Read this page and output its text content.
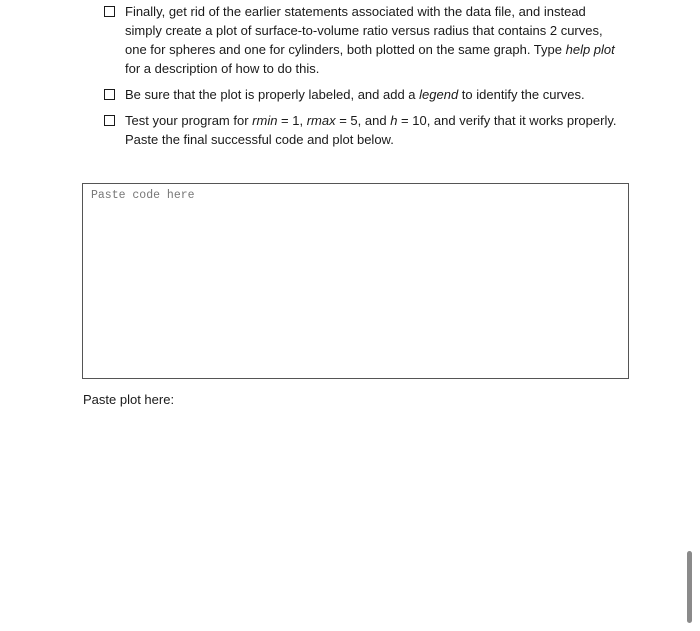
Finally, get rid of the earlier statements associated with the data file, and instead simply create a plot of surface-to-volume ratio versus radius that contains 2 curves, one for spheres and one for cylinders, both plotted on the same graph. Type help plot for a description of how to do this.
Be sure that the plot is properly labeled, and add a legend to identify the curves.
Test your program for rmin = 1, rmax = 5, and h = 10, and verify that it works properly. Paste the final successful code and plot below.
Paste code here
Paste plot here:
